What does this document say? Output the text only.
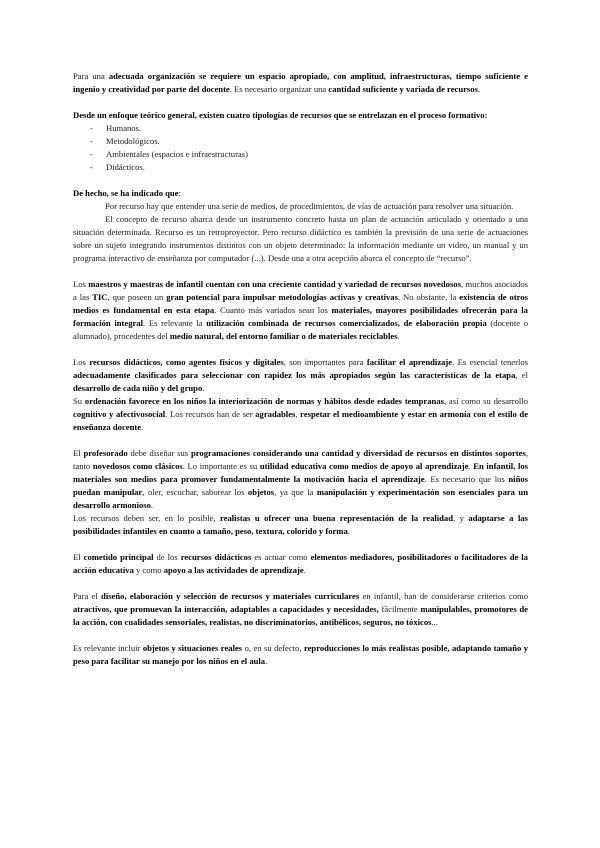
Para una adecuada organización se requiere un espacio apropiado, con amplitud, infraestructuras, tiempo suficiente e ingenio y creatividad por parte del docente. Es necesario organizar una cantidad suficiente y variada de recursos.

Desde un enfoque teórico general, existen cuatro tipologías de recursos que se entrelazan en el proceso formativo:

- Humanos.
- Metodológicos.
- Ambientales (espacios e infraestructuras)
- Didácticos.

De hecho, se ha indicado que:

Por recurso hay que entender una serie de medios, de procedimientos, de vías de actuación para resolver una situación.

El concepto de recurso abarca desde un instrumento concreto hasta un plan de actuación articulado y orientado a una situación determinada. Recurso es un retroproyector. Pero recurso didáctico es también la previsión de una serie de actuaciones sobre un sujeto integrando instrumentos distintos con un objeto determinado: la información mediante un video, un manual y un programa interactivo de enseñanza por computador (...). Desde una a otra acepción abarca el concepto de “recurso”.

Los maestros y maestras de infantil cuentan con una creciente cantidad y variedad de recursos novedosos, muchos asociados a las TIC, que poseen un gran potencial para impulsar metodologías activas y creativas. No obstante, la existencia de otros medios es fundamental en esta etapa. Cuanto más variados sean los materiales, mayores posibilidades ofrecerán para la formación integral. Es relevante la utilización combinada de recursos comercializados, de elaboración propia (docente o alumnado), procedentes del medio natural, del entorno familiar o de materiales reciclables.

Los recursos didácticos, como agentes físicos y digitales, son importantes para facilitar el aprendizaje. Es esencial tenerlos adecuadamente clasificados para seleccionar con rapidez los más apropiados según las características de la etapa, el desarrollo de cada niño y del grupo.

Su ordenación favorece en los niños la interiorización de normas y hábitos desde edades tempranas, así como su desarrollo cognitivo y afectivosocial. Los recursos han de ser agradables, respetar el medioambiente y estar en armonía con el estilo de enseñanza docente.

El profesorado debe diseñar sus programaciones considerando una cantidad y diversidad de recursos en distintos soportes, tanto novedosos como clásicos. Lo importante es su utilidad educativa como medios de apoyo al aprendizaje. En infantil, los materiales son medios para promover fundamentalmente la motivación hacia el aprendizaje. Es necesario que los niños puedan manipular, oler, escuchar, saborear los objetos, ya que la manipulación y experimentación son esenciales para un desarrollo armonioso.

Los recursos deben ser, en lo posible, realistas u ofrecer una buena representación de la realidad, y adaptarse a las posibilidades infantiles en cuanto a tamaño, peso, textura, colorido y forma.

El cometido principal de los recursos didácticos es actuar como elementos mediadores, posibilitadores o facilitadores de la acción educativa y como apoyo a las actividades de aprendizaje.

Para el diseño, elaboración y selección de recursos y materiales curriculares en infantil, han de considerarse criterios como atractivos, que promuevan la interacción, adaptables a capacidades y necesidades, fácilmente manipulables, promotores de la acción, con cualidades sensoriales, realistas, no discriminatorios, antibélicos, seguros, no tóxicos...

Es relevante incluir objetos y situaciones reales o, en su defecto, reproducciones lo más realistas posible, adaptando tamaño y peso para facilitar su manejo por los niños en el aula.
